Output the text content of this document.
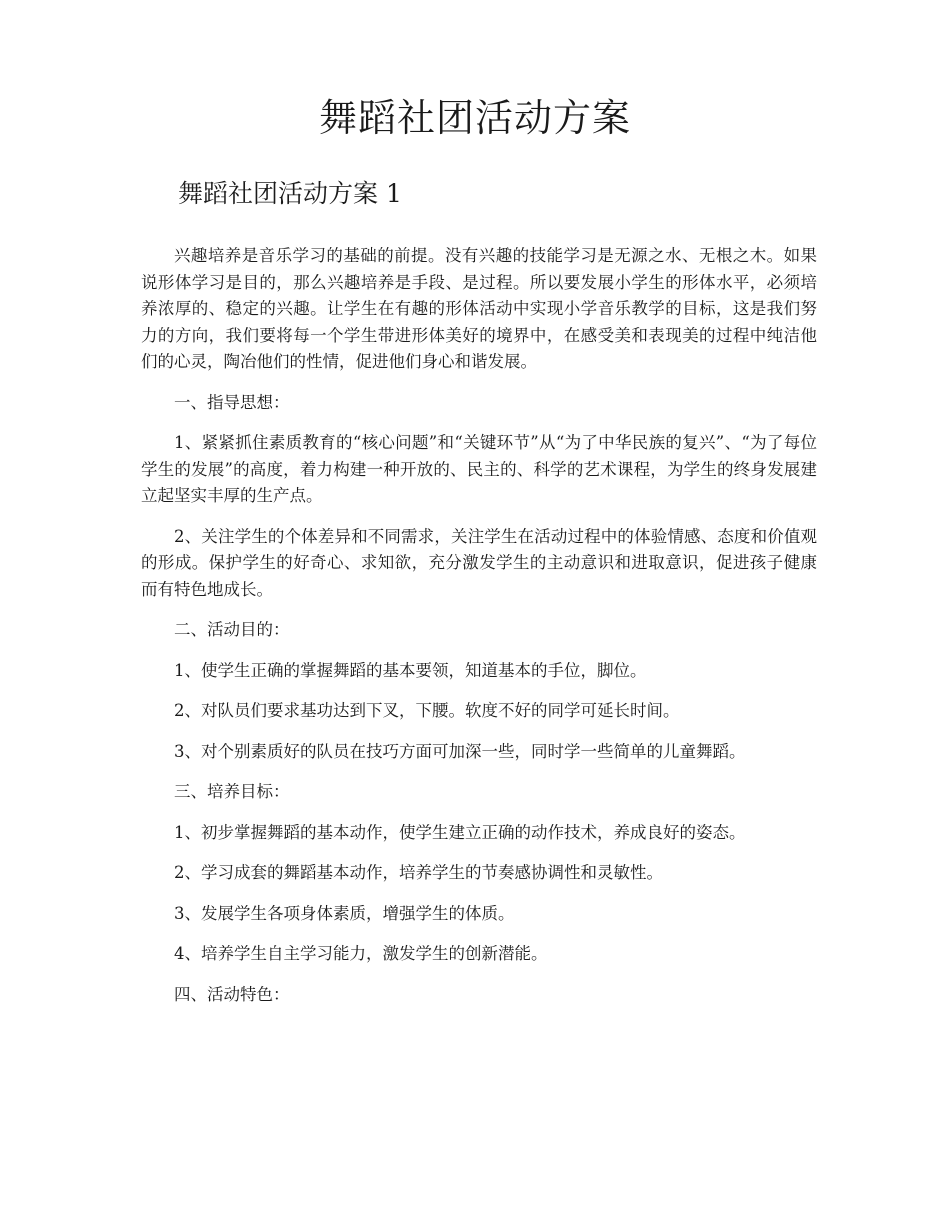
舞蹈社团活动方案
舞蹈社团活动方案 1

兴趣培养是音乐学习的基础的前提。没有兴趣的技能学习是无源之水、无根之木。如果说形体学习是目的，那么兴趣培养是手段、是过程。所以要发展小学生的形体水平，必须培养浓厚的、稳定的兴趣。让学生在有趣的形体活动中实现小学音乐教学的目标，这是我们努力的方向，我们要将每一个学生带进形体美好的境界中，在感受美和表现美的过程中纯洁他们的心灵，陶冶他们的性情，促进他们身心和谐发展。

一、指导思想：

1、紧紧抓住素质教育的“核心问题”和“关键环节”从“为了中华民族的复兴”、“为了每位学生的发展”的高度，着力构建一种开放的、民主的、科学的艺术课程，为学生的终身发展建立起坚实丰厚的生产点。

2、关注学生的个体差异和不同需求，关注学生在活动过程中的体验情感、态度和价值观的形成。保护学生的好奇心、求知欲，充分激发学生的主动意识和进取意识，促进孩子健康而有特色地成长。

二、活动目的：

1、使学生正确的掌握舞蹈的基本要领，知道基本的手位，脚位。

2、对队员们要求基功达到下叉，下腰。软度不好的同学可延长时间。

3、对个别素质好的队员在技巧方面可加深一些，同时学一些简单的儿童舞蹈。

三、培养目标：

1、初步掌握舞蹈的基本动作，使学生建立正确的动作技术，养成良好的姿态。

2、学习成套的舞蹈基本动作，培养学生的节奏感协调性和灵敏性。

3、发展学生各项身体素质，增强学生的体质。

4、培养学生自主学习能力，激发学生的创新潜能。

四、活动特色：
